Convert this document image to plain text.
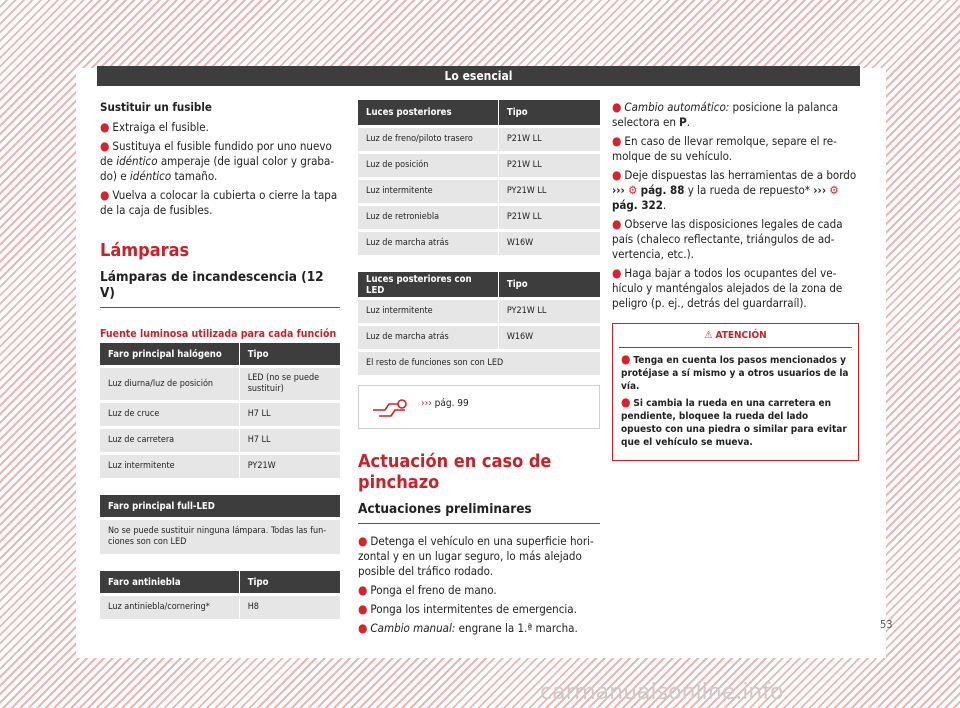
Lo esencial
Sustituir un fusible

● Extraiga el fusible.

● Sustituya el fusible fundido por uno nuevo de idéntico amperaje (de igual color y grabado) e idéntico tamaño.

● Vuelva a colocar la cubierta o cierre la tapa de la caja de fusibles.

Lámparas
Lámparas de incandescencia (12 V)
Fuente luminosa utilizada para cada función
Faro principal halógeno	Tipo
Luz diurna/luz de posición	LED (no se puede sustituir)
Luz de cruce	H7 LL
Luz de carretera	H7 LL
Luz intermitente	PY21W
Faro principal full-LED
No se puede sustituir ninguna lámpara. Todas las funciones son con LED
Faro antiniebla	Tipo
Luz antiniebla/cornering*	H8
Luces posteriores	Tipo
Luz de freno/piloto trasero	P21W LL
Luz de posición	P21W LL
Luz intermitente	PY21W LL
Luz de retroniebla	P21W LL
Luz de marcha atrás	W16W
Luces posteriores con LED	Tipo
Luz intermitente	PY21W LL
Luz de marcha atrás	W16W
El resto de funciones son con LED	
››› pág. 99
Actuación en caso de pinchazo
Actuaciones preliminares

● Detenga el vehículo en una superficie horizontal y en un lugar seguro, lo más alejado posible del tráfico rodado.

● Ponga el freno de mano.

● Ponga los intermitentes de emergencia.

● Cambio manual: engrane la 1.ª marcha.

● Cambio automático: posicione la palanca selectora en P.

● En caso de llevar remolque, separe el remolque de su vehículo.

● Deje dispuestas las herramientas de a bordo ››› ⚙ pág. 88 y la rueda de repuesto* ››› ⚙ pág. 322.

● Observe las disposiciones legales de cada país (chaleco reflectante, triángulos de advertencia, etc.).

● Haga bajar a todos los ocupantes del vehículo y manténgalos alejados de la zona de peligro (p. ej., detrás del guardarraíl).

⚠ ATENCIÓN

● Tenga en cuenta los pasos mencionados y protéjase a sí mismo y a otros usuarios de la vía.

● Si cambia la rueda en una carretera en pendiente, bloquee la rueda del lado opuesto con una piedra o similar para evitar que el vehículo se mueva.

53
carmanualsonline.info
